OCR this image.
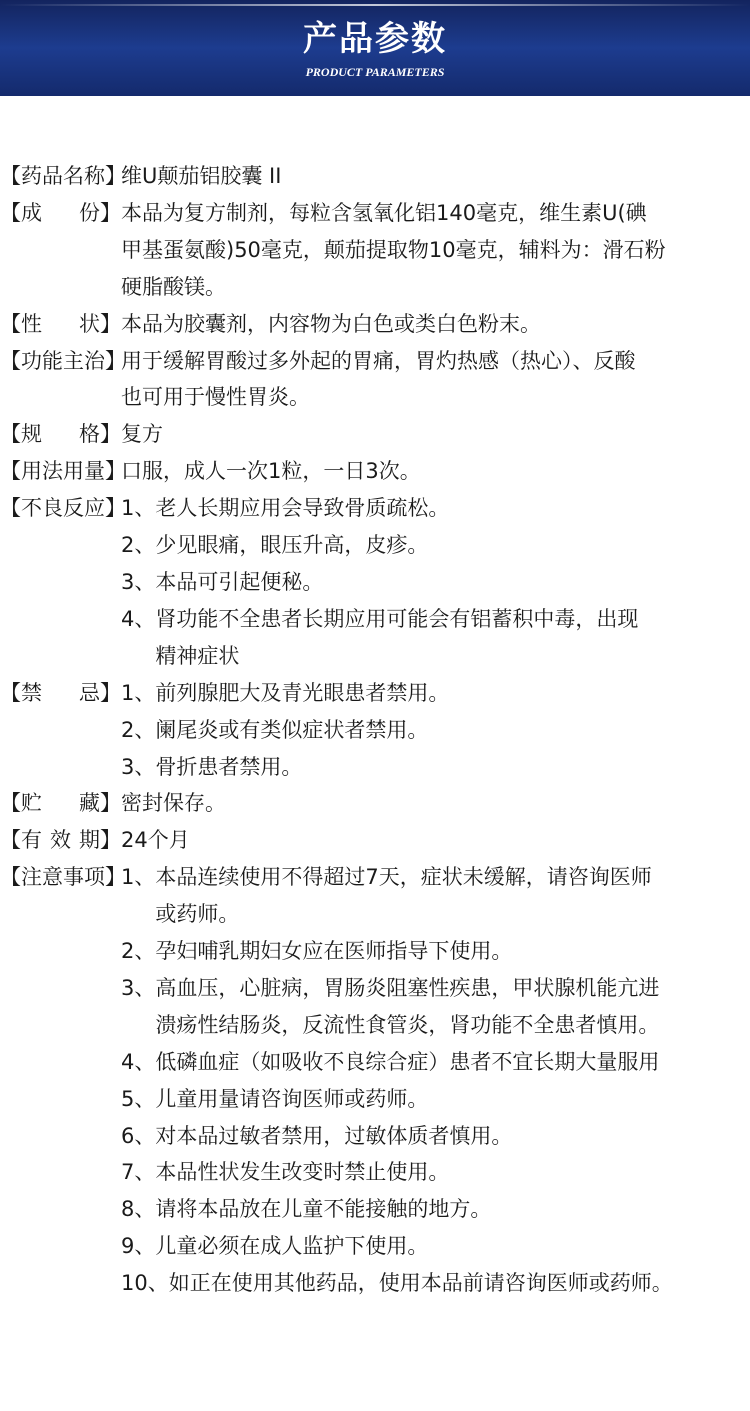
产品参数
PRODUCT PARAMETERS
【 药 品 名 称 】
维U颠茄铝胶囊 II
【 成 份 】 本品为复方制剂，每粒含氢氧化铝140毫克，维生素U(碘
甲基蛋氨酸)50毫克，颠茄提取物10毫克，辅料为：滑石粉
硬脂酸镁。
【 性 状 】 本品为胶囊剂，内容物为白色或类白色粉末。
【 功 能 主 治 】
用于缓解胃酸过多外起的胃痛，胃灼热感（热心）、反酸
也可用于慢性胃炎。
【 规 格 】 复方
【 用 法 用 量 】
口服，成人一次1粒，一日3次。
【 不 良 反 应 】
1、 老人长期应用会导致骨质疏松。
2、 少见眼痛，眼压升高，皮疹。
3、 本品可引起便秘。
4、 肾功能不全患者长期应用可能会有铝蓄积中毒，出现
精神症状
【 禁 忌 】 1、 前列腺肥大及青光眼患者禁用。
2、 阑尾炎或有类似症状者禁用。
3、 骨折患者禁用。
【 贮 藏 】 密封保存。
【 有 效 期 】 24个月
【 注 意 事 项 】
1、 本品连续使用不得超过7天，症状未缓解，请咨询医师
或药师。
2、 孕妇哺乳期妇女应在医师指导下使用。
3、 高血压，心脏病，胃肠炎阻塞性疾患，甲状腺机能亢进
溃疡性结肠炎，反流性食管炎，肾功能不全患者慎用。
4、 低磷血症（如吸收不良综合症）患者不宜长期大量服用
5、 儿童用量请咨询医师或药师。
6、 对本品过敏者禁用，过敏体质者慎用。
7、 本品性状发生改变时禁止使用。
8、 请将本品放在儿童不能接触的地方。
9、 儿童必须在成人监护下使用。
10、 如正在使用其他药品，使用本品前请咨询医师或药师。
